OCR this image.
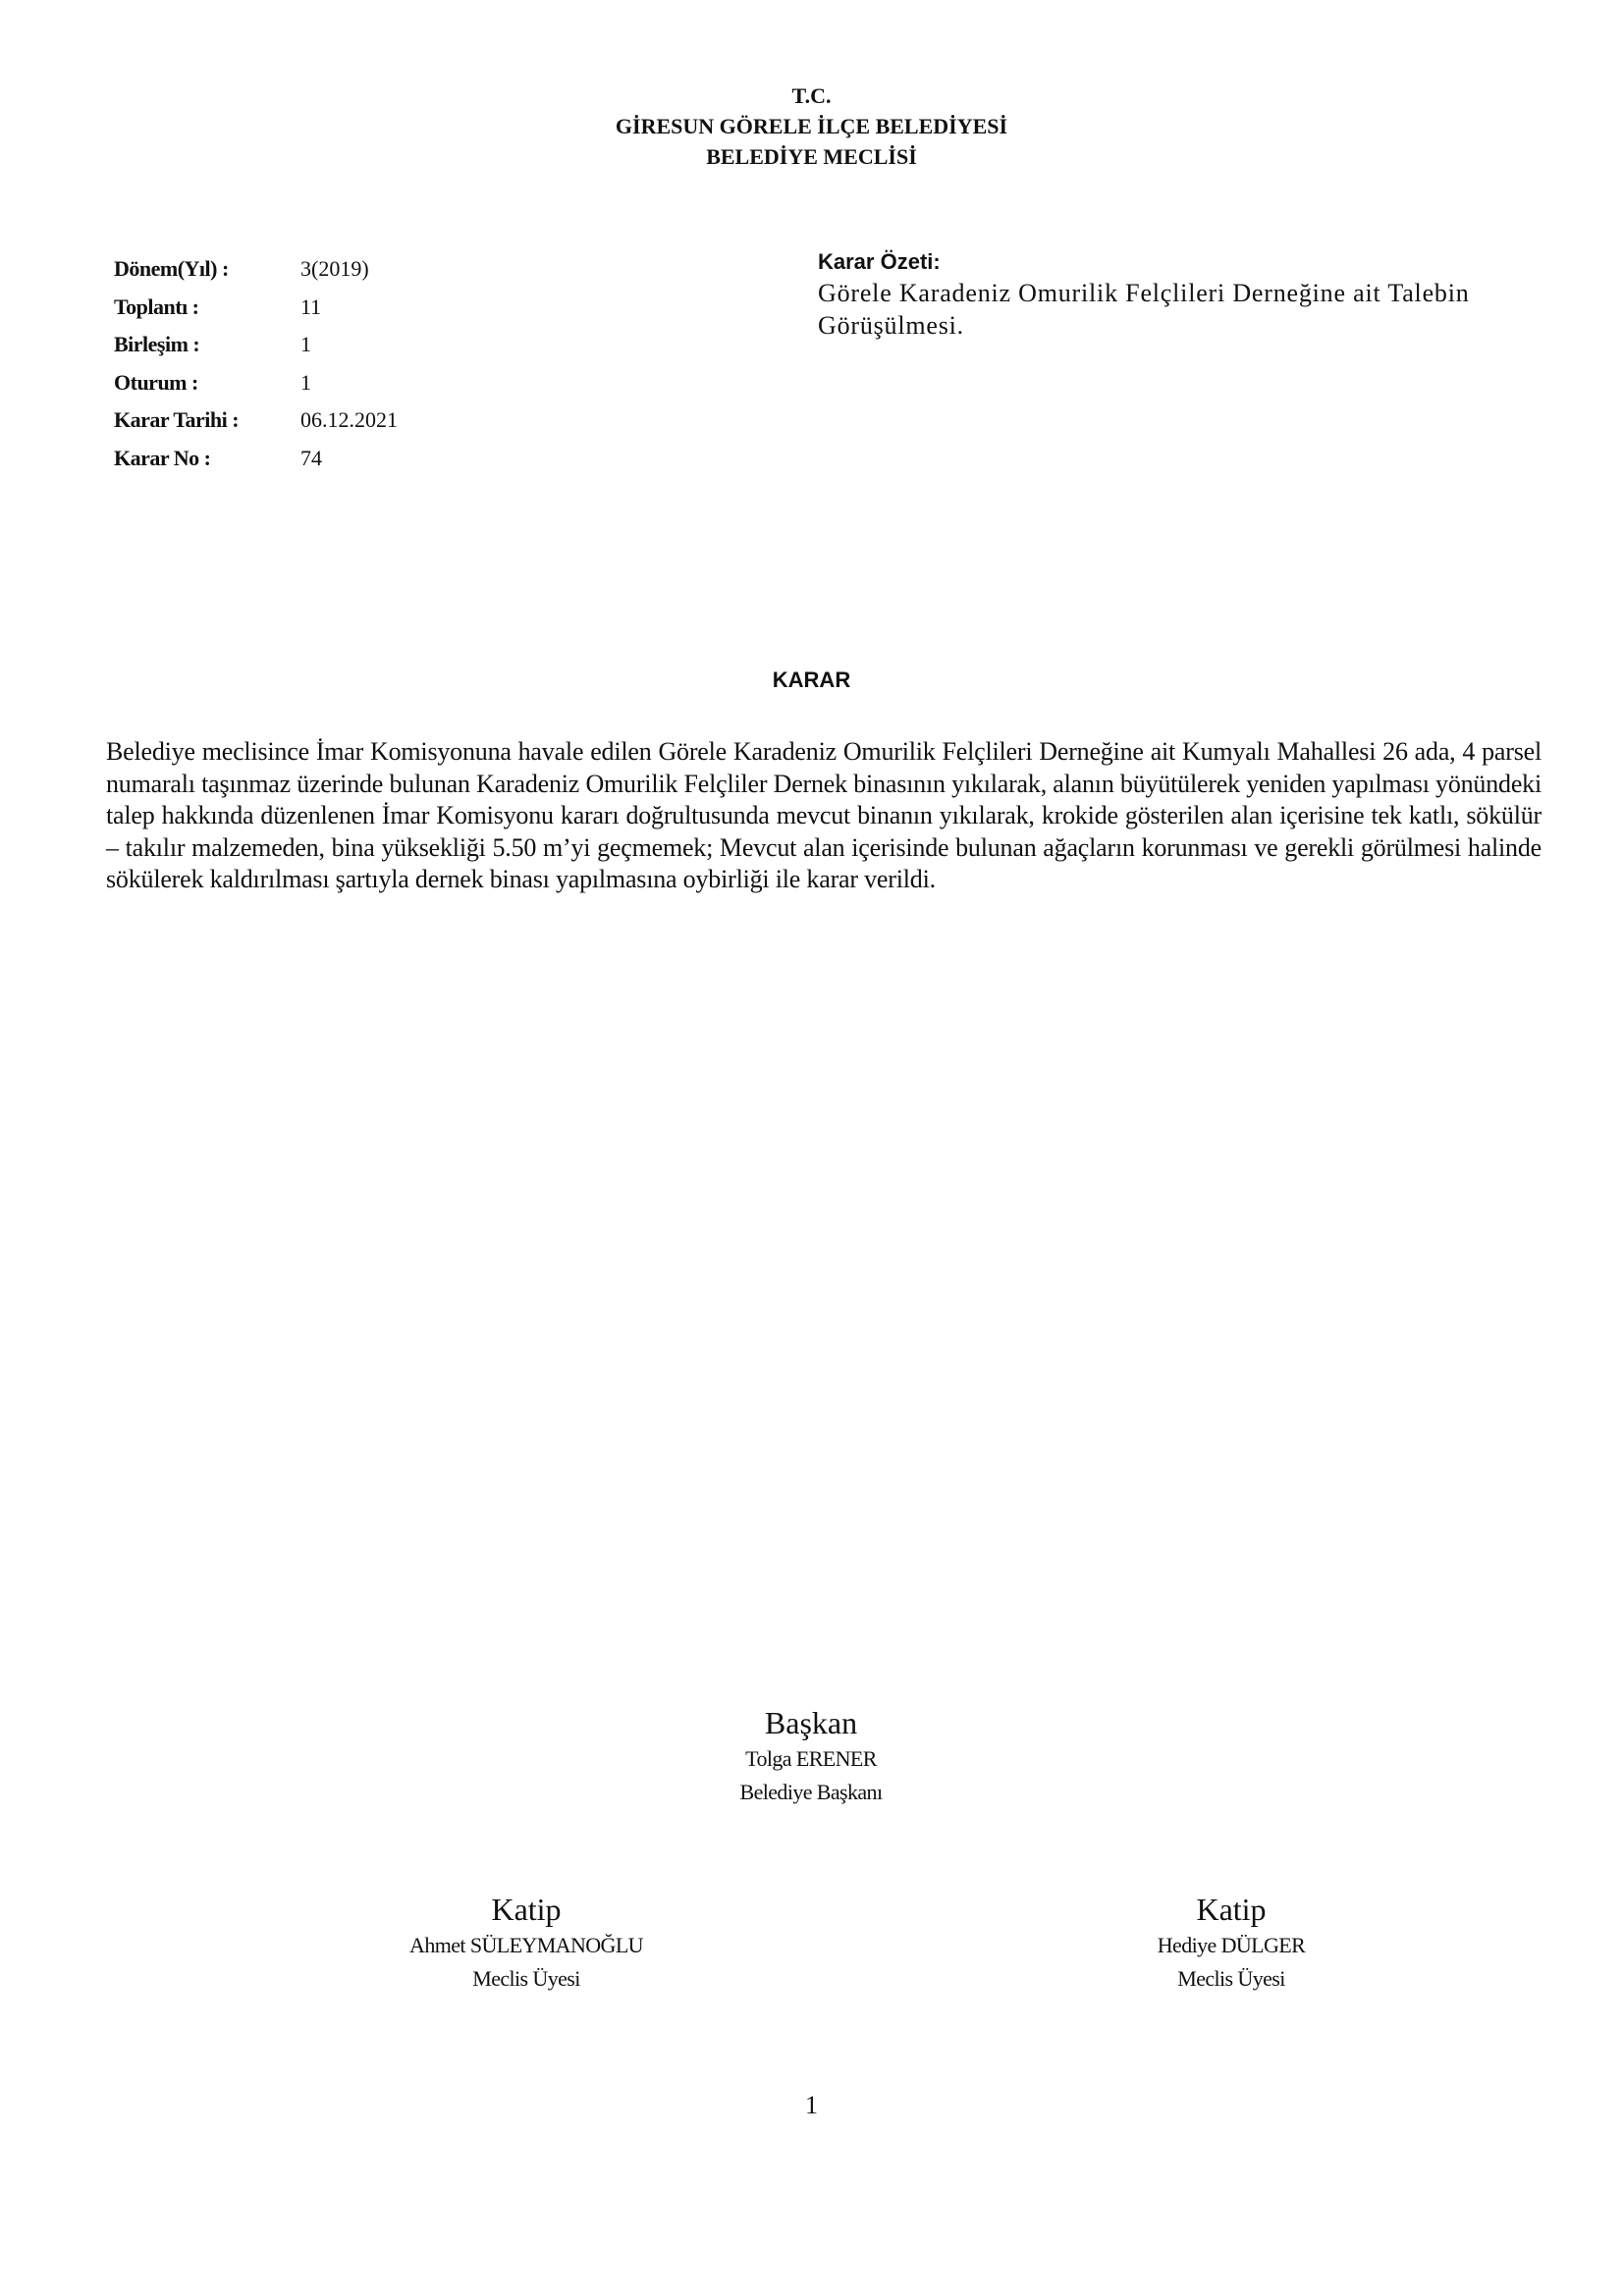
T.C.
GİRESUN GÖRELE İLÇE BELEDİYESİ
BELEDİYE MECLİSİ
Dönem(Yıl) :	3(2019)
Toplantı :	11
Birleşim :	1
Oturum :	1
Karar Tarihi :	06.12.2021
Karar No :	74
Karar Özeti:
Görele Karadeniz Omurilik Felçlileri Derneğine ait Talebin Görüşülmesi.
KARAR
Belediye meclisince İmar Komisyonuna havale edilen Görele Karadeniz Omurilik Felçlileri Derneğine ait Kumyalı Mahallesi 26 ada, 4 parsel numaralı taşınmaz üzerinde bulunan Karadeniz Omurilik Felçliler Dernek binasının yıkılarak, alanın büyütülerek yeniden yapılması yönündeki talep hakkında düzenlenen İmar Komisyonu kararı doğrultusunda mevcut binanın yıkılarak, krokide gösterilen alan içerisine tek katlı, sökülür – takılır malzemeden, bina yüksekliği 5.50 m’yi geçmemek; Mevcut alan içerisinde bulunan ağaçların korunması ve gerekli görülmesi halinde sökülerek kaldırılması şartıyla dernek binası yapılmasına oybirliği ile karar verildi.
Başkan
Tolga ERENER
Belediye Başkanı
Katip
Ahmet SÜLEYMANOĞLU
Meclis Üyesi
Katip
Hediye DÜLGER
Meclis Üyesi
1
